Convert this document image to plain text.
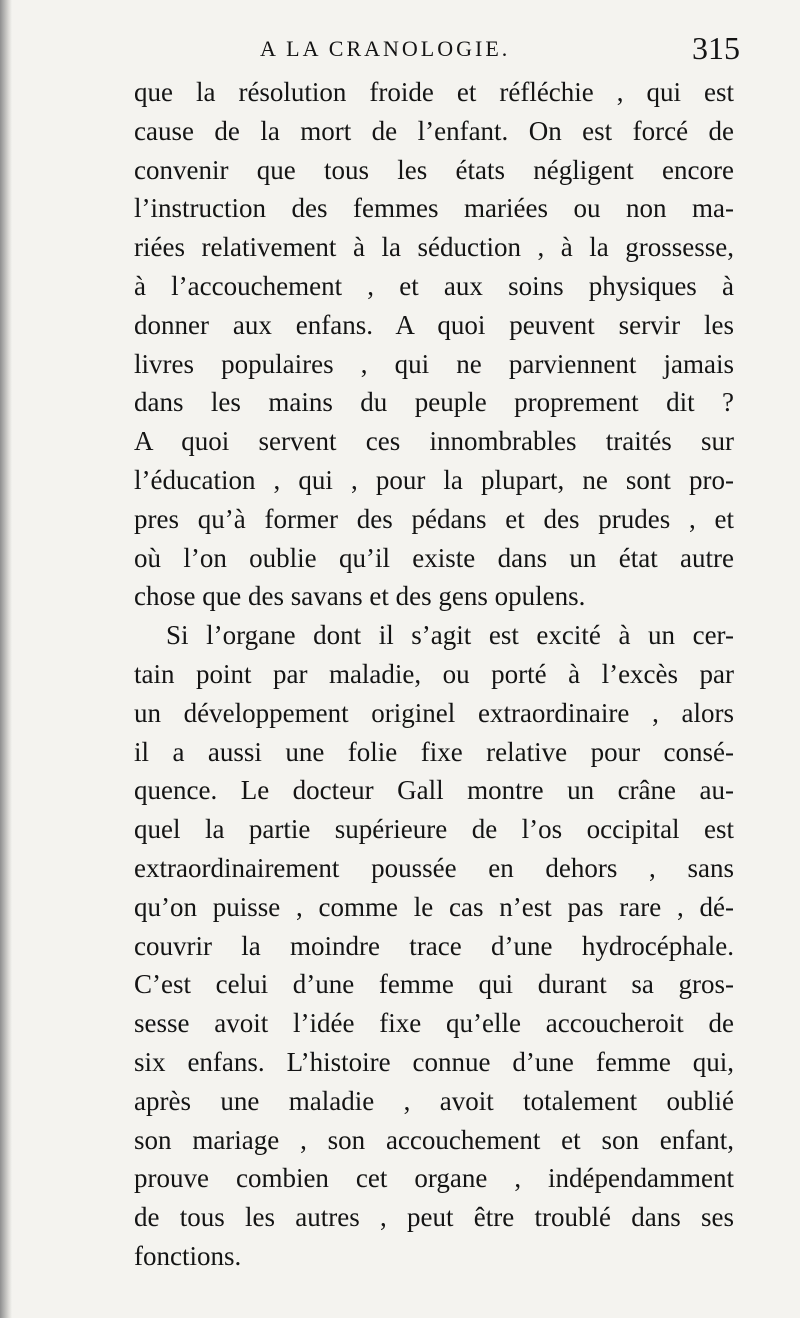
A LA CRANOLOGIE.	315
que la résolution froide et réfléchie , qui est
cause de la mort de l’enfant. On est forcé de
convenir que tous les états négligent encore
l’instruction des femmes mariées ou non ma-
riées relativement à la séduction , à la grossesse,
à l’accouchement , et aux soins physiques à
donner aux enfans. A quoi peuvent servir les
livres populaires , qui ne parviennent jamais
dans les mains du peuple proprement dit ?
A quoi servent ces innombrables traités sur
l’éducation , qui , pour la plupart, ne sont pro-
pres qu’à former des pédans et des prudes , et
où l’on oublie qu’il existe dans un état autre
chose que des savans et des gens opulens.
Si l’organe dont il s’agit est excité à un cer-
tain point par maladie, ou porté à l’excès par
un développement originel extraordinaire , alors
il a aussi une folie fixe relative pour consé-
quence. Le docteur Gall montre un crâne au-
quel la partie supérieure de l’os occipital est
extraordinairement poussée en dehors , sans
qu’on puisse , comme le cas n’est pas rare , dé-
couvrir la moindre trace d’une hydrocéphale.
C’est celui d’une femme qui durant sa gros-
sesse avoit l’idée fixe qu’elle accoucheroit de
six enfans. L’histoire connue d’une femme qui,
après une maladie , avoit totalement oublié
son mariage , son accouchement et son enfant,
prouve combien cet organe , indépendamment
de tous les autres , peut être troublé dans ses
fonctions.
